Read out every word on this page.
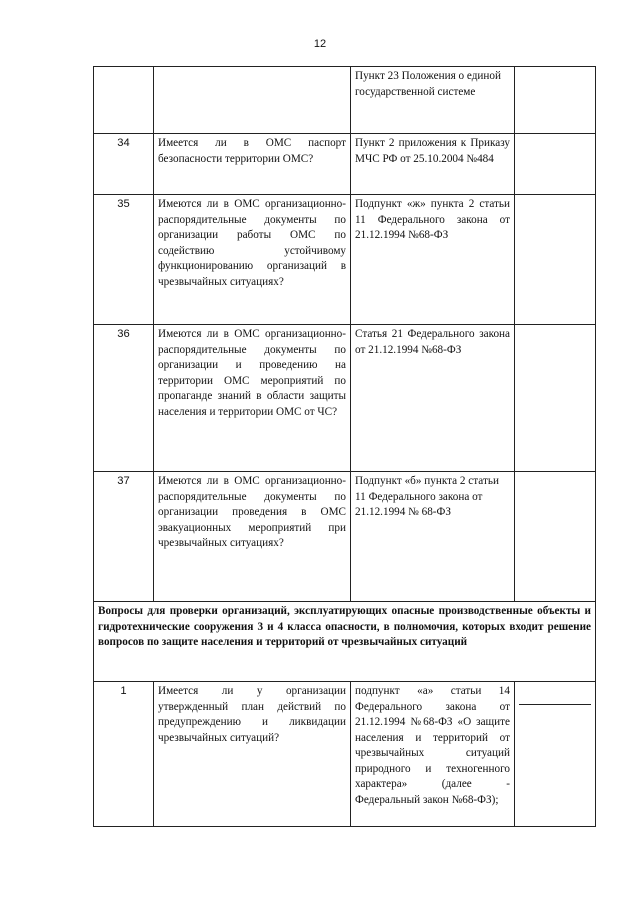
12
		Пункт 23 Положения о единой государственной системе	
34	Имеется ли в ОМС паспорт безопасности территории ОМС?	Пункт 2 приложения к Приказу МЧС РФ от 25.10.2004 №484	
35	Имеются ли в ОМС организационно-распорядительные документы по организации работы ОМС по содействию устойчивому функционированию организаций в чрезвычайных ситуациях?	Подпункт «ж» пункта 2 статьи 11 Федерального закона от 21.12.1994 №68-ФЗ	
36	Имеются ли в ОМС организационно-распорядительные документы по организации и проведению на территории ОМС мероприятий по пропаганде знаний в области защиты населения и территории ОМС от ЧС?	Статья 21 Федерального закона от 21.12.1994 №68-ФЗ	
37	Имеются ли в ОМС организационно-распорядительные документы по организации проведения в ОМС эвакуационных мероприятий при чрезвычайных ситуациях?	Подпункт «б» пункта 2 статьи 11 Федерального закона от 21.12.1994 № 68-ФЗ	
Вопросы для проверки организаций, эксплуатирующих опасные производственные объекты и гидротехнические сооружения 3 и 4 класса опасности, в полномочия, которых входит решение вопросов по защите населения и территорий от чрезвычайных ситуаций			
1	Имеется ли у организации утвержденный план действий по предупреждению и ликвидации чрезвычайных ситуаций?	подпункт «а» статьи 14 Федерального закона от 21.12.1994 №68-ФЗ «О защите населения и территорий от чрезвычайных ситуаций природного и техногенного характера» (далее - Федеральный закон №68-ФЗ);	
